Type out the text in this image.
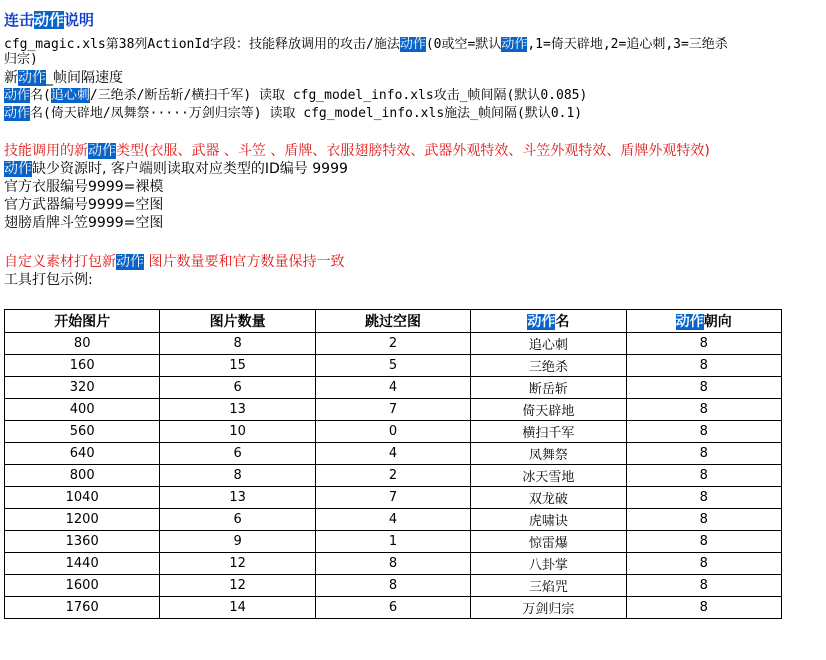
连击动作说明
cfg_magic.xls第38列ActionId字段：技能释放调用的攻击/施法动作(0或空=默认动作,1=倚天辟地,2=追心刺,3=三绝杀
归宗)
新动作_帧间隔速度
动作名(追心刺/三绝杀/断岳斩/横扫千军) 读取 cfg_model_info.xls攻击_帧间隔(默认0.085)
动作名(倚天辟地/凤舞祭·····万剑归宗等) 读取 cfg_model_info.xls施法_帧间隔(默认0.1)
技能调用的新动作类型(衣服、武器 、斗笠 、盾牌、衣服翅膀特效、武器外观特效、斗笠外观特效、盾牌外观特效)
动作缺少资源时, 客户端则读取对应类型的ID编号 9999
官方衣服编号9999=裸模
官方武器编号9999=空图
翅膀盾牌斗笠9999=空图
自定义素材打包新动作 图片数量要和官方数量保持一致
工具打包示例:
开始图片	图片数量	跳过空图	动作名	动作朝向
80	8	2	追心刺	8
160	15	5	三绝杀	8
320	6	4	断岳斩	8
400	13	7	倚天辟地	8
560	10	0	横扫千军	8
640	6	4	凤舞祭	8
800	8	2	冰天雪地	8
1040	13	7	双龙破	8
1200	6	4	虎啸诀	8
1360	9	1	惊雷爆	8
1440	12	8	八卦掌	8
1600	12	8	三焰咒	8
1760	14	6	万剑归宗	8
